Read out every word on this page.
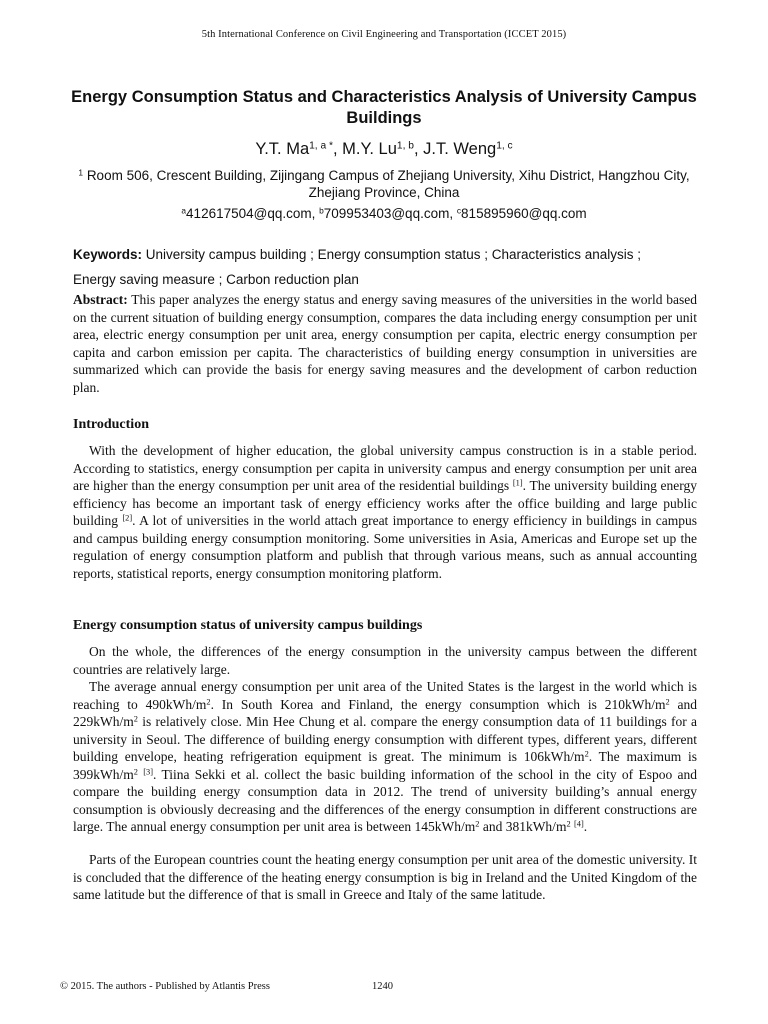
5th International Conference on Civil Engineering and Transportation (ICCET 2015)
Energy Consumption Status and Characteristics Analysis of University Campus Buildings
Y.T. $Ma^{1, a *}$, M.Y. Lu$^{1, b}$, J.T. Weng$^{1, c}$
$^1$ Room 506, Crescent Building, Zijingang Campus of Zhejiang University, Xihu District, Hangzhou City, Zhejiang Province, China
$^a$412617504@qq.com, $^b$709953403@qq.com, $^c$815895960@qq.com
Keywords: University campus building ; Energy consumption status ; Characteristics analysis ;
Energy saving measure ; Carbon reduction plan
Abstract: This paper analyzes the energy status and energy saving measures of the universities in the world based on the current situation of building energy consumption, compares the data including energy consumption per unit area, electric energy consumption per unit area, energy consumption per capita, electric energy consumption per capita and carbon emission per capita. The characteristics of building energy consumption in universities are summarized which can provide the basis for energy saving measures and the development of carbon reduction plan.
Introduction
With the development of higher education, the global university campus construction is in a stable period. According to statistics, energy consumption per capita in university campus and energy consumption per unit area are higher than the energy consumption per unit area of the residential buildings [1]. The university building energy efficiency has become an important task of energy efficiency works after the office building and large public building [2]. A lot of universities in the world attach great importance to energy efficiency in buildings in campus and campus building energy consumption monitoring. Some universities in Asia, Americas and Europe set up the regulation of energy consumption platform and publish that through various means, such as annual accounting reports, statistical reports, energy consumption monitoring platform.
Energy consumption status of university campus buildings
On the whole, the differences of the energy consumption in the university campus between the different countries are relatively large.
The average annual energy consumption per unit area of the United States is the largest in the world which is reaching to $490kWh/m^2$. In South Korea and Finland, the energy consumption which is $210kWh/m^2$ and $229kWh/m^2$ is relatively close. Min Hee Chung et al. compare the energy consumption data of 11 buildings for a university in Seoul. The difference of building energy consumption with different types, different years, different building envelope, heating refrigeration equipment is great. The minimum is $106kWh/m^2$. The maximum is $399kWh/m^2$ [3]. Tiina Sekki et al. collect the basic building information of the school in the city of Espoo and compare the building energy consumption data in 2012. The trend of university building’s annual energy consumption is obviously decreasing and the differences of the energy consumption in different constructions are large. The annual energy consumption per unit area is between $145kWh/m^2$ and $381kWh/m^2$ [4].
Parts of the European countries count the heating energy consumption per unit area of the domestic university. It is concluded that the difference of the heating energy consumption is big in Ireland and the United Kingdom of the same latitude but the difference of that is small in Greece and Italy of the same latitude.
© 2015. The authors - Published by Atlantis Press	1240
